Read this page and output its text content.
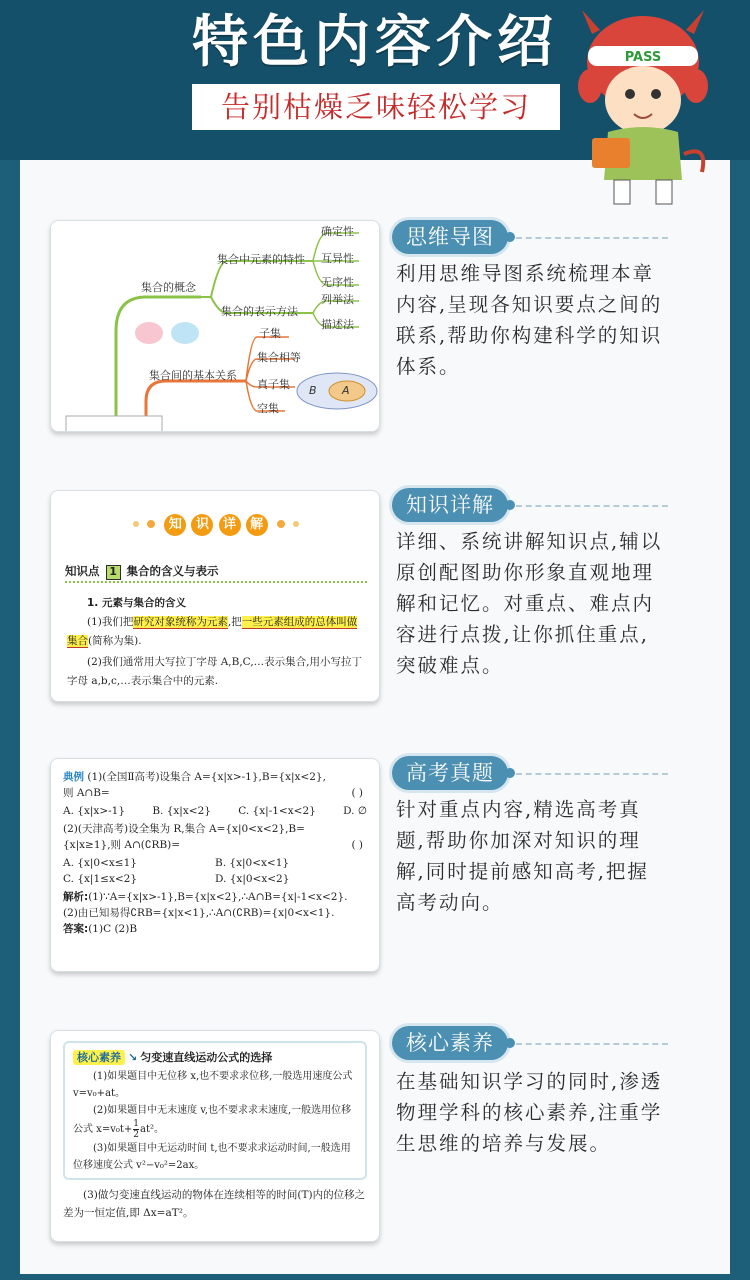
特色内容介绍
告别枯燥乏味轻松学习
PASS
集合的概念
集合中元素的特性
确定性
互异性
无序性
集合的表示方法
列举法
描述法
集合间的基本关系
子集
集合相等
真子集
空集
B A
思维导图
利用思维导图系统梳理本章内容,呈现各知识要点之间的联系,帮助你构建科学的知识体系。
知 识 详 解
知识点 1 集合的含义与表示
1. 元素与集合的含义
(1)我们把研究对象统称为元素,把一些元素组成的总体叫做集合(简称为集).
(2)我们通常用大写拉丁字母 A,B,C,…表示集合,用小写拉丁字母 a,b,c,…表示集合中的元素.
知识详解
详细、系统讲解知识点,辅以原创配图助你形象直观地理解和记忆。对重点、难点内容进行点拨,让你抓住重点,突破难点。
典例 (1)(全国Ⅱ高考)设集合 A={x|x>-1},B={x|x<2},则 A∩B=	( )
A. {x|x>-1}	B. {x|x<2}	C. {x|-1<x<2}	D. ∅
(2)(天津高考)设全集为 R,集合 A={x|0<x<2},B={x|x≥1},则 A∩(∁RB)=	( )
A. {x|0<x≤1}	B. {x|0<x<1}
C. {x|1≤x<2}	D. {x|0<x<2}
解析:(1)∵A={x|x>-1},B={x|x<2},∴A∩B={x|-1<x<2}.
(2)由已知易得∁RB={x|x<1},∴A∩(∁RB)={x|0<x<1}.
答案:(1)C (2)B
高考真题
针对重点内容,精选高考真题,帮助你加深对知识的理解,同时提前感知高考,把握高考动向。
核心素养 ↘ 匀变速直线运动公式的选择
(1)如果题目中无位移 x,也不要求求位移,一般选用速度公式 v=v₀+at。
(2)如果题目中无末速度 v,也不要求求末速度,一般选用位移公式 $x=v_0t+ \frac{1}{2} at^2$。
(3)如果题目中无运动时间 t,也不要求求运动时间,一般选用位移速度公式 v²−v₀²=2ax。
(3)做匀变速直线运动的物体在连续相等的时间(T)内的位移之差为一恒定值,即 Δx=aT²。
核心素养
在基础知识学习的同时,渗透物理学科的核心素养,注重学生思维的培养与发展。
